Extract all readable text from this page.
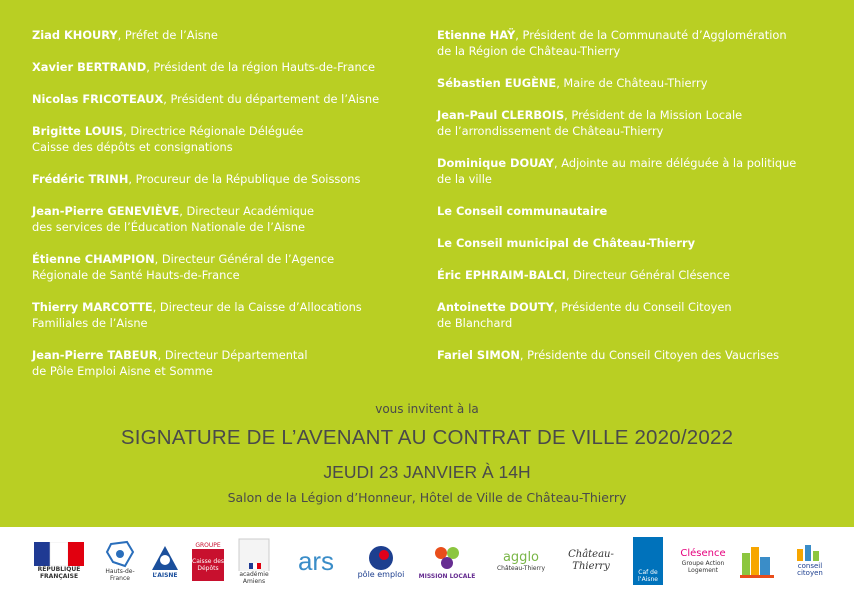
Ziad KHOURY, Préfet de l’Aisne
Xavier BERTRAND, Président de la région Hauts-de-France
Nicolas FRICOTEAUX, Président du département de l’Aisne
Brigitte LOUIS, Directrice Régionale Déléguée
Caisse des dépôts et consignations
Frédéric TRINH, Procureur de la République de Soissons
Jean-Pierre GENEVIÈVE, Directeur Académique
des services de l’Éducation Nationale de l’Aisne
Étienne CHAMPION, Directeur Général de l’Agence
Régionale de Santé Hauts-de-France
Thierry MARCOTTE, Directeur de la Caisse d’Allocations
Familiales de l’Aisne
Jean-Pierre TABEUR, Directeur Départemental
de Pôle Emploi Aisne et Somme
Etienne HAŸ, Président de la Communauté d’Agglomération
de la Région de Château-Thierry
Sébastien EUGÈNE, Maire de Château-Thierry
Jean-Paul CLERBOIS, Président de la Mission Locale
de l’arrondissement de Château-Thierry
Dominique DOUAY, Adjointe au maire déléguée à la politique
de la ville
Le Conseil communautaire
Le Conseil municipal de Château-Thierry
Éric EPHRAIM-BALCI, Directeur Général Clésence
Antoinette DOUTY, Présidente du Conseil Citoyen
de Blanchard
Fariel SIMON, Présidente du Conseil Citoyen des Vaucrises
vous invitent à la
SIGNATURE DE L’AVENANT AU CONTRAT DE VILLE 2020/2022
JEUDI 23 JANVIER À 14H
Salon de la Légion d’Honneur, Hôtel de Ville de Château-Thierry
RÉPUBLIQUE FRANÇAISE
Hauts-de-France	L’AISNE
GROUPE
Caisse des Dépôts
académie Amiens
ars	pôle emploi MISSION LOCALE
agglo
Château-Thierry
Château-Thierry
Caf de l’Aisne
Clésence
Groupe Action Logement
conseil citoyen
